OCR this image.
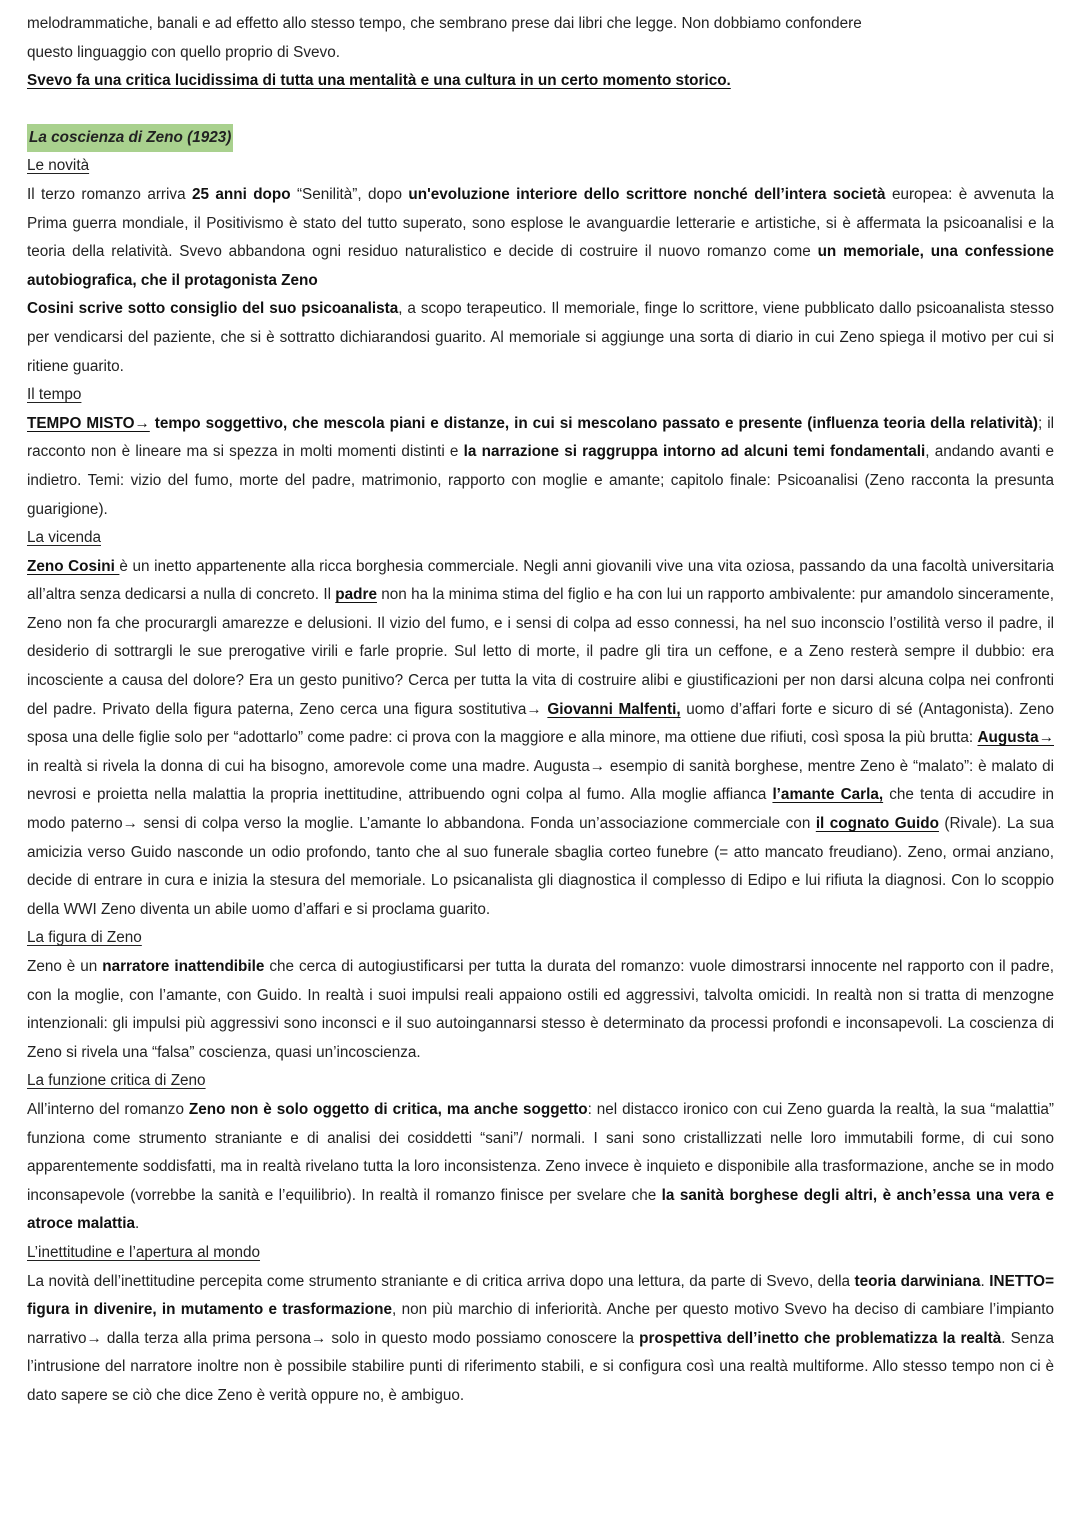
melodrammatiche, banali e ad effetto allo stesso tempo, che sembrano prese dai libri che legge. Non dobbiamo confondere

questo linguaggio con quello proprio di Svevo.

Svevo fa una critica lucidissima di tutta una mentalità e una cultura in un certo momento storico.

La coscienza di Zeno (1923)
Le novità

Il terzo romanzo arriva 25 anni dopo “Senilità”, dopo un'evoluzione interiore dello scrittore nonché dell’intera società europea: è avvenuta la Prima guerra mondiale, il Positivismo è stato del tutto superato, sono esplose le avanguardie letterarie e artistiche, si è affermata la psicoanalisi e la teoria della relatività. Svevo abbandona ogni residuo naturalistico e decide di costruire il nuovo romanzo come un memoriale, una confessione autobiografica, che il protagonista Zeno
Cosini scrive sotto consiglio del suo psicoanalista, a scopo terapeutico. Il memoriale, finge lo scrittore, viene pubblicato dallo psicoanalista stesso per vendicarsi del paziente, che si è sottratto dichiarandosi guarito. Al memoriale si aggiunge una sorta di diario in cui Zeno spiega il motivo per cui si ritiene guarito.

Il tempo

TEMPO MISTO→ tempo soggettivo, che mescola piani e distanze, in cui si mescolano passato e presente (influenza teoria della relatività); il racconto non è lineare ma si spezza in molti momenti distinti e la narrazione si raggruppa intorno ad alcuni temi fondamentali, andando avanti e indietro. Temi: vizio del fumo, morte del padre, matrimonio, rapporto con moglie e amante; capitolo finale: Psicoanalisi (Zeno racconta la presunta guarigione).

La vicenda

Zeno Cosini è un inetto appartenente alla ricca borghesia commerciale. Negli anni giovanili vive una vita oziosa, passando da una facoltà universitaria all’altra senza dedicarsi a nulla di concreto. Il padre non ha la minima stima del figlio e ha con lui un rapporto ambivalente: pur amandolo sinceramente, Zeno non fa che procurargli amarezze e delusioni. Il vizio del fumo, e i sensi di colpa ad esso connessi, ha nel suo inconscio l’ostilità verso il padre, il desiderio di sottrargli le sue prerogative virili e farle proprie. Sul letto di morte, il padre gli tira un ceffone, e a Zeno resterà sempre il dubbio: era incosciente a causa del dolore? Era un gesto punitivo? Cerca per tutta la vita di costruire alibi e giustificazioni per non darsi alcuna colpa nei confronti del padre. Privato della figura paterna, Zeno cerca una figura sostitutiva→ Giovanni Malfenti, uomo d’affari forte e sicuro di sé (Antagonista). Zeno sposa una delle figlie solo per “adottarlo” come padre: ci prova con la maggiore e alla minore, ma ottiene due rifiuti, così sposa la più brutta: Augusta→ in realtà si rivela la donna di cui ha bisogno, amorevole come una madre. Augusta→ esempio di sanità borghese, mentre Zeno è “malato”: è malato di nevrosi e proietta nella malattia la propria inettitudine, attribuendo ogni colpa al fumo. Alla moglie affianca l’amante Carla, che tenta di accudire in modo paterno→ sensi di colpa verso la moglie. L’amante lo abbandona. Fonda un’associazione commerciale con il cognato Guido (Rivale). La sua amicizia verso Guido nasconde un odio profondo, tanto che al suo funerale sbaglia corteo funebre (= atto mancato freudiano). Zeno, ormai anziano, decide di entrare in cura e inizia la stesura del memoriale. Lo psicanalista gli diagnostica il complesso di Edipo e lui rifiuta la diagnosi. Con lo scoppio della WWI Zeno diventa un abile uomo d’affari e si proclama guarito.

La figura di Zeno

Zeno è un narratore inattendibile che cerca di autogiustificarsi per tutta la durata del romanzo: vuole dimostrarsi innocente nel rapporto con il padre, con la moglie, con l’amante, con Guido. In realtà i suoi impulsi reali appaiono ostili ed aggressivi, talvolta omicidi. In realtà non si tratta di menzogne intenzionali: gli impulsi più aggressivi sono inconsci e il suo autoingannarsi stesso è determinato da processi profondi e inconsapevoli. La coscienza di Zeno si rivela una “falsa” coscienza, quasi un’incoscienza.

La funzione critica di Zeno

All’interno del romanzo Zeno non è solo oggetto di critica, ma anche soggetto: nel distacco ironico con cui Zeno guarda la realtà, la sua “malattia” funziona come strumento straniante e di analisi dei cosiddetti “sani”/ normali. I sani sono cristallizzati nelle loro immutabili forme, di cui sono apparentemente soddisfatti, ma in realtà rivelano tutta la loro inconsistenza. Zeno invece è inquieto e disponibile alla trasformazione, anche se in modo inconsapevole (vorrebbe la sanità e l’equilibrio). In realtà il romanzo finisce per svelare che la sanità borghese degli altri, è anch’essa una vera e atroce malattia.

L’inettitudine e l’apertura al mondo

La novità dell’inettitudine percepita come strumento straniante e di critica arriva dopo una lettura, da parte di Svevo, della teoria darwiniana. INETTO= figura in divenire, in mutamento e trasformazione, non più marchio di inferiorità. Anche per questo motivo Svevo ha deciso di cambiare l’impianto narrativo→ dalla terza alla prima persona→ solo in questo modo possiamo conoscere la prospettiva dell’inetto che problematizza la realtà. Senza l’intrusione del narratore inoltre non è possibile stabilire punti di riferimento stabili, e si configura così una realtà multiforme. Allo stesso tempo non ci è dato sapere se ciò che dice Zeno è verità oppure no, è ambiguo.
